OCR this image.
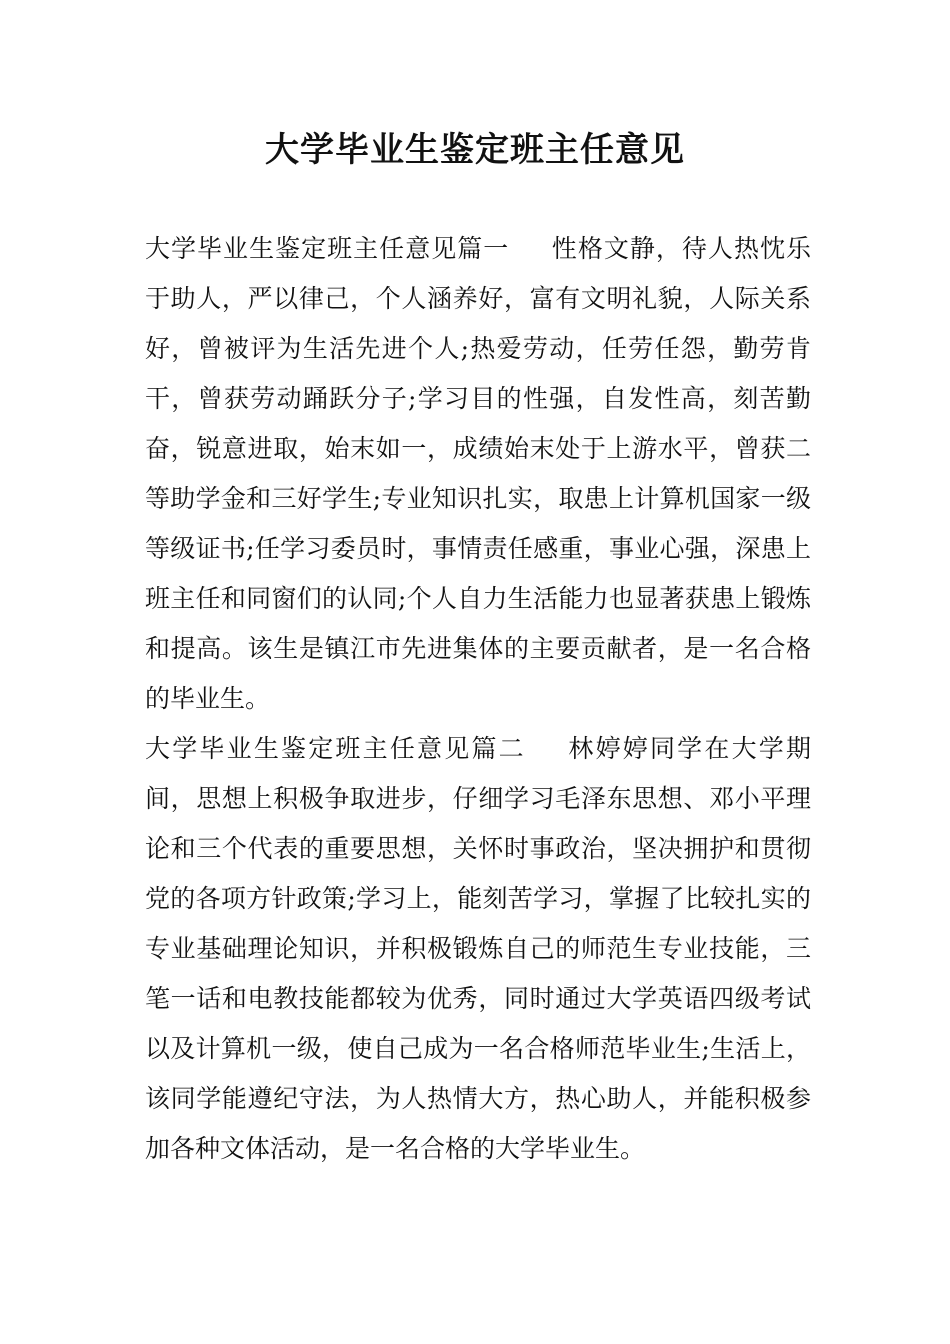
大学毕业生鉴定班主任意见

大学毕业生鉴定班主任意见篇一 性格文静，待人热忱乐于助人，严以律己，个人涵养好，富有文明礼貌，人际关系好，曾被评为生活先进个人;热爱劳动，任劳任怨，勤劳肯干，曾获劳动踊跃分子;学习目的性强，自发性高，刻苦勤奋，锐意进取，始末如一，成绩始末处于上游水平，曾获二等助学金和三好学生;专业知识扎实，取患上计算机国家一级等级证书;任学习委员时，事情责任感重，事业心强，深患上班主任和同窗们的认同;个人自力生活能力也显著获患上锻炼和提高。该生是镇江市先进集体的主要贡献者，是一名合格的毕业生。

大学毕业生鉴定班主任意见篇二 林婷婷同学在大学期间，思想上积极争取进步，仔细学习毛泽东思想、邓小平理论和三个代表的重要思想，关怀时事政治，坚决拥护和贯彻党的各项方针政策;学习上，能刻苦学习，掌握了比较扎实的专业基础理论知识，并积极锻炼自己的师范生专业技能，三笔一话和电教技能都较为优秀，同时通过大学英语四级考试以及计算机一级，使自己成为一名合格师范毕业生;生活上，该同学能遵纪守法，为人热情大方，热心助人，并能积极参加各种文体活动，是一名合格的大学毕业生。
